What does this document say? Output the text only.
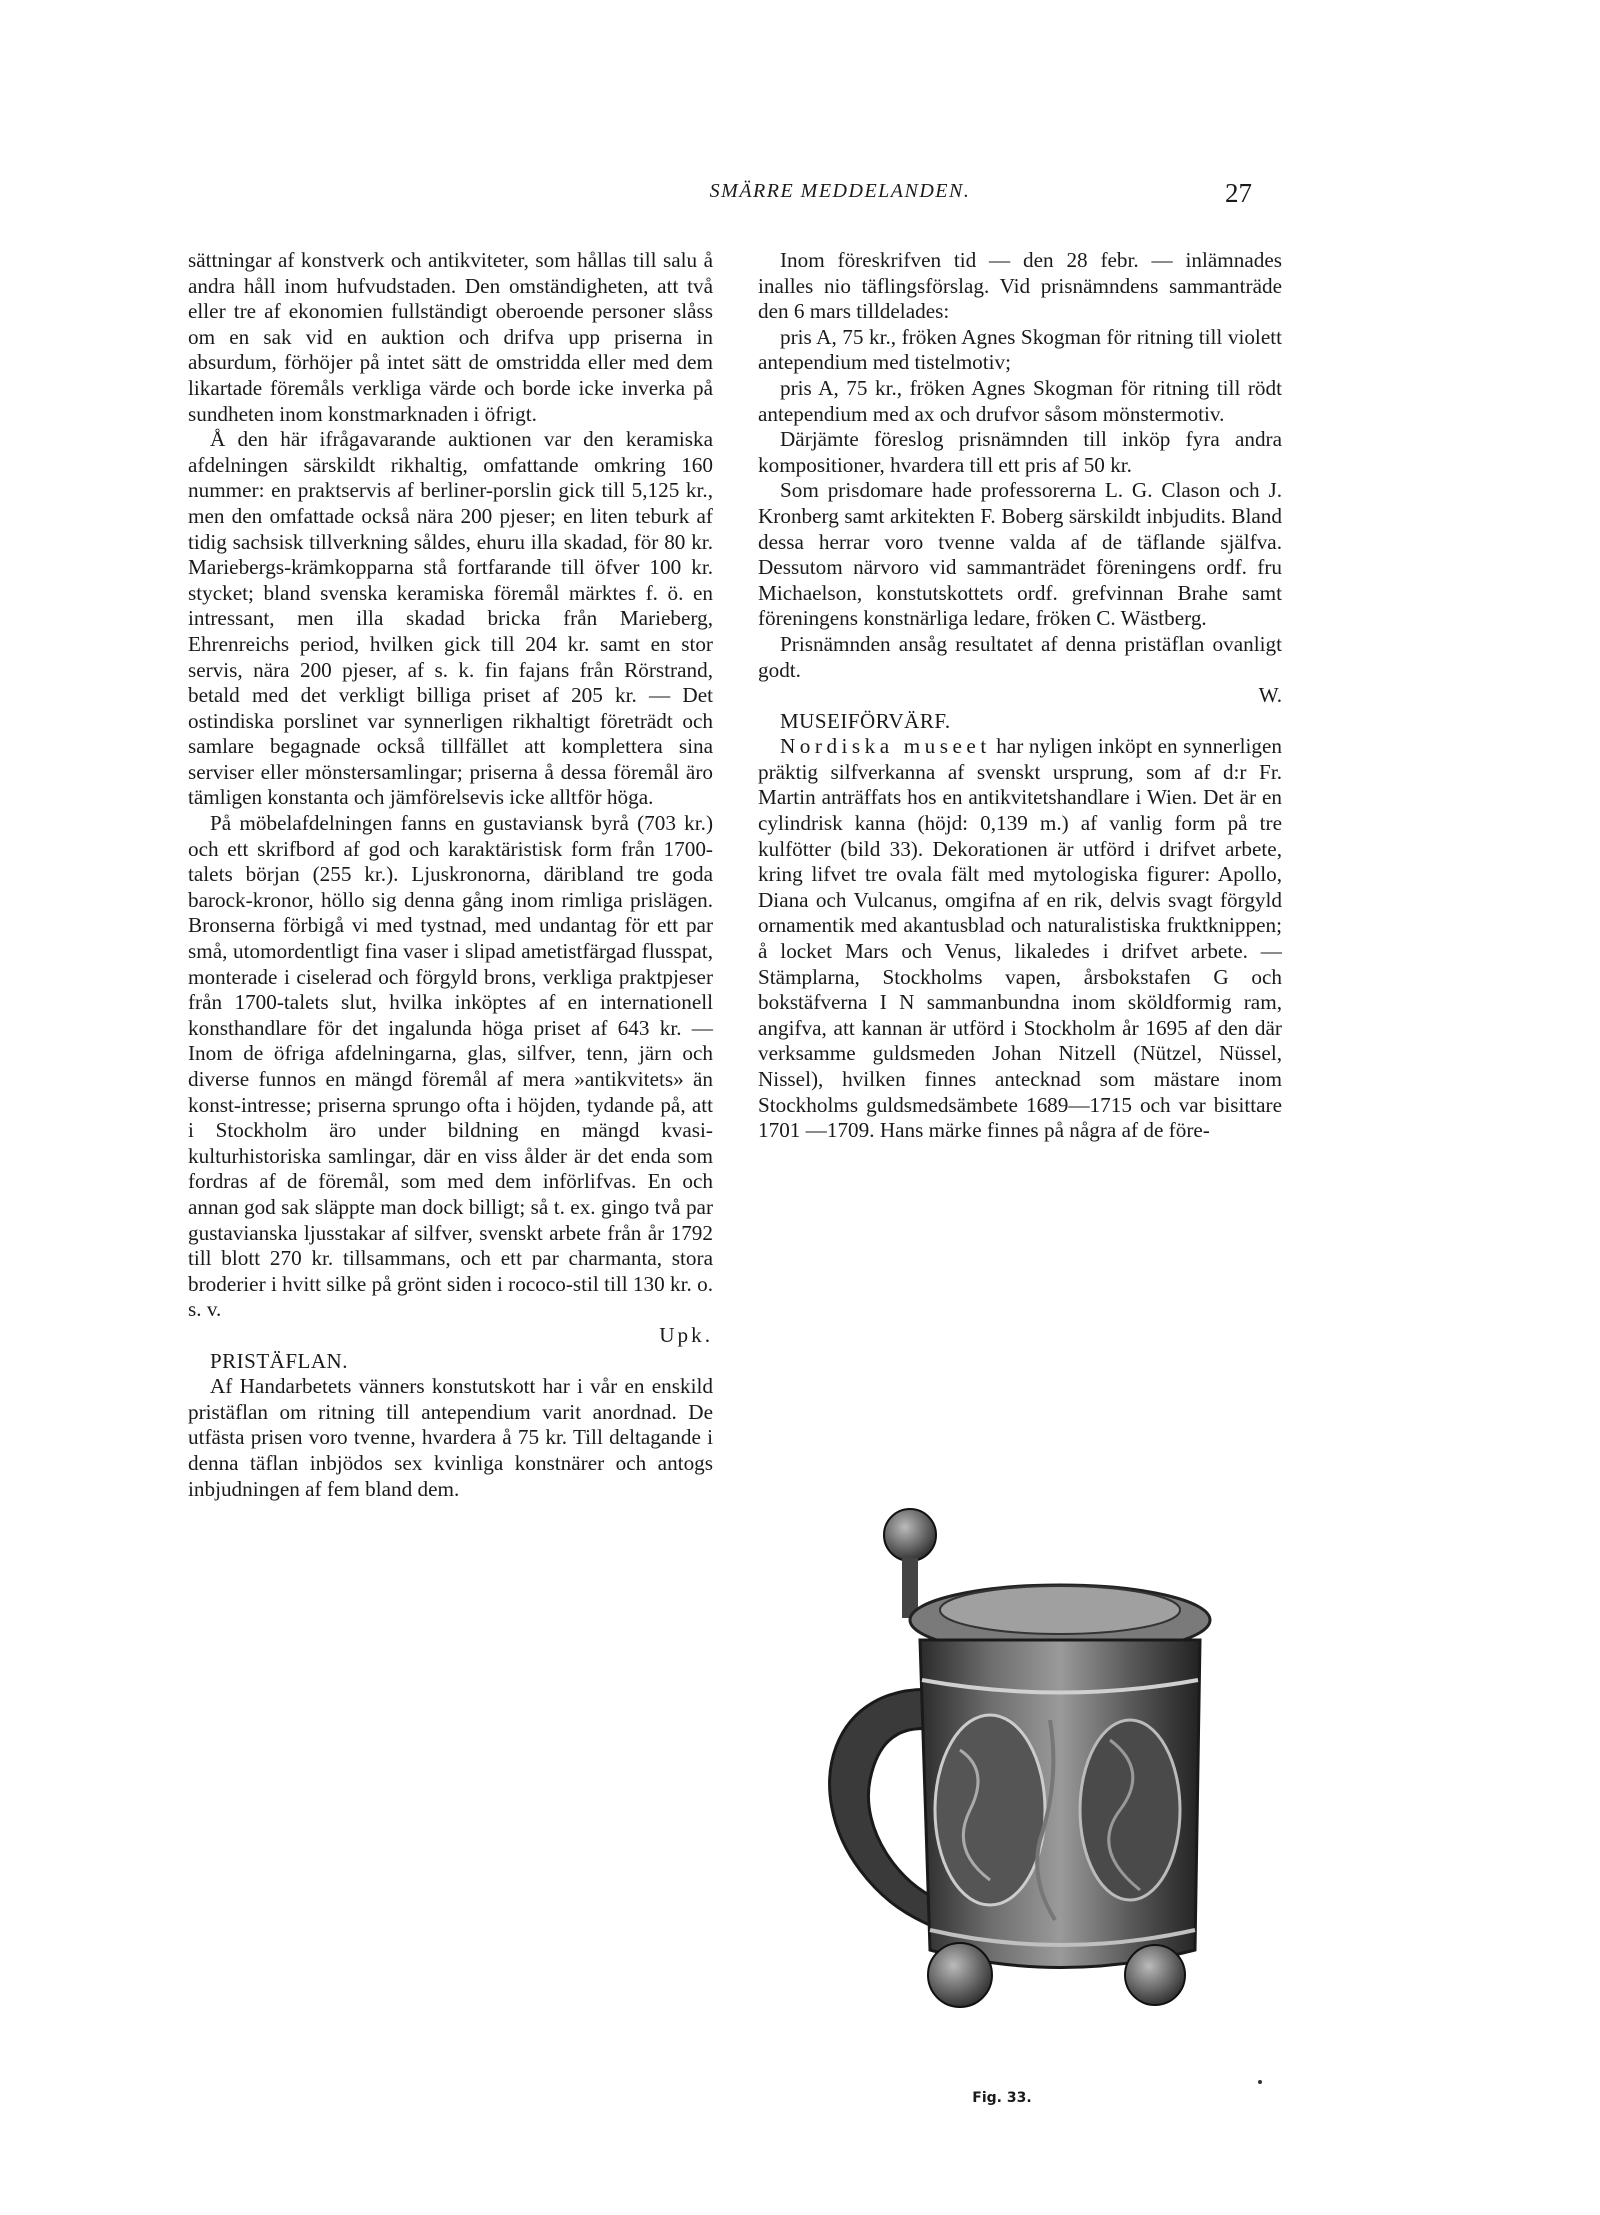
SMÄRRE MEDDELANDEN.	27

sättningar af konstverk och antikviteter, som hållas till salu å andra håll inom hufvudstaden. Den omständigheten, att två eller tre af ekonomien fullständigt oberoende personer slåss om en sak vid en auktion och drifva upp priserna in absurdum, förhöjer på intet sätt de omstridda eller med dem likartade föremåls verkliga värde och borde icke inverka på sundheten inom konstmarknaden i öfrigt.

Å den här ifrågavarande auktionen var den keramiska afdelningen särskildt rikhaltig, omfattande omkring 160 nummer: en praktservis af berliner-porslin gick till 5,125 kr., men den omfattade också nära 200 pjeser; en liten teburk af tidig sachsisk tillverkning såldes, ehuru illa skadad, för 80 kr. Mariebergs-krämkopparna stå fortfarande till öfver 100 kr. stycket; bland svenska keramiska föremål märktes f. ö. en intressant, men illa skadad bricka från Marieberg, Ehrenreichs period, hvilken gick till 204 kr. samt en stor servis, nära 200 pjeser, af s. k. fin fajans från Rörstrand, betald med det verkligt billiga priset af 205 kr. — Det ostindiska porslinet var synnerligen rikhaltigt företrädt och samlare begagnade också tillfället att komplettera sina serviser eller mönstersamlingar; priserna å dessa föremål äro tämligen konstanta och jämförelsevis icke alltför höga.

På möbelafdelningen fanns en gustaviansk byrå (703 kr.) och ett skrifbord af god och karaktäristisk form från 1700-talets början (255 kr.). Ljuskronorna, däribland tre goda barock-kronor, höllo sig denna gång inom rimliga prislägen. Bronserna förbigå vi med tystnad, med undantag för ett par små, utomordentligt fina vaser i slipad ametistfärgad flusspat, monterade i ciselerad och förgyld brons, verkliga praktpjeser från 1700-talets slut, hvilka inköptes af en internationell konsthandlare för det ingalunda höga priset af 643 kr. — Inom de öfriga afdelningarna, glas, silfver, tenn, järn och diverse funnos en mängd föremål af mera »antikvitets» än konst-intresse; priserna sprungo ofta i höjden, tydande på, att i Stockholm äro under bildning en mängd kvasi-kulturhistoriska samlingar, där en viss ålder är det enda som fordras af de föremål, som med dem införlifvas. En och annan god sak släppte man dock billigt; så t. ex. gingo två par gustavianska ljusstakar af silfver, svenskt arbete från år 1792 till blott 270 kr. tillsammans, och ett par charmanta, stora broderier i hvitt silke på grönt siden i rococo-stil till 130 kr. o. s. v.

Upk.

PRISTÄFLAN.

Af Handarbetets vänners konstutskott har i vår en enskild pristäflan om ritning till antependium varit anordnad. De utfästa prisen voro tvenne, hvardera å 75 kr. Till deltagande i denna täflan inbjödos sex kvinliga konstnärer och antogs inbjudningen af fem bland dem.

Inom föreskrifven tid — den 28 febr. — inlämnades inalles nio täflingsförslag. Vid prisnämndens sammanträde den 6 mars tilldelades:

pris A, 75 kr., fröken Agnes Skogman för ritning till violett antependium med tistelmotiv;

pris A, 75 kr., fröken Agnes Skogman för ritning till rödt antependium med ax och drufvor såsom mönstermotiv.

Därjämte föreslog prisnämnden till inköp fyra andra kompositioner, hvardera till ett pris af 50 kr.

Som prisdomare hade professorerna L. G. Clason och J. Kronberg samt arkitekten F. Boberg särskildt inbjudits. Bland dessa herrar voro tvenne valda af de täflande själfva. Dessutom närvoro vid sammanträdet föreningens ordf. fru Michaelson, konstutskottets ordf. grefvinnan Brahe samt föreningens konstnärliga ledare, fröken C. Wästberg.

Prisnämnden ansåg resultatet af denna pristäflan ovanligt godt.

W.

MUSEIFÖRVÄRF.

Nordiska museet har nyligen inköpt en synnerligen präktig silfverkanna af svenskt ursprung, som af d:r Fr. Martin anträffats hos en antikvitetshandlare i Wien. Det är en cylindrisk kanna (höjd: 0,139 m.) af vanlig form på tre kulfötter (bild 33). Dekorationen är utförd i drifvet arbete, kring lifvet tre ovala fält med mytologiska figurer: Apollo, Diana och Vulcanus, omgifna af en rik, delvis svagt förgyld ornamentik med akantusblad och naturalistiska fruktknippen; å locket Mars och Venus, likaledes i drifvet arbete. — Stämplarna, Stockholms vapen, årsbokstafen G och bokstäfverna I N sammanbundna inom sköldformig ram, angifva, att kannan är utförd i Stockholm år 1695 af den där verksamme guldsmeden Johan Nitzell (Nützel, Nüssel, Nissel), hvilken finnes antecknad som mästare inom Stockholms guldsmedsämbete 1689—1715 och var bisittare 1701 —1709. Hans märke finnes på några af de före-

Fig. 33.
